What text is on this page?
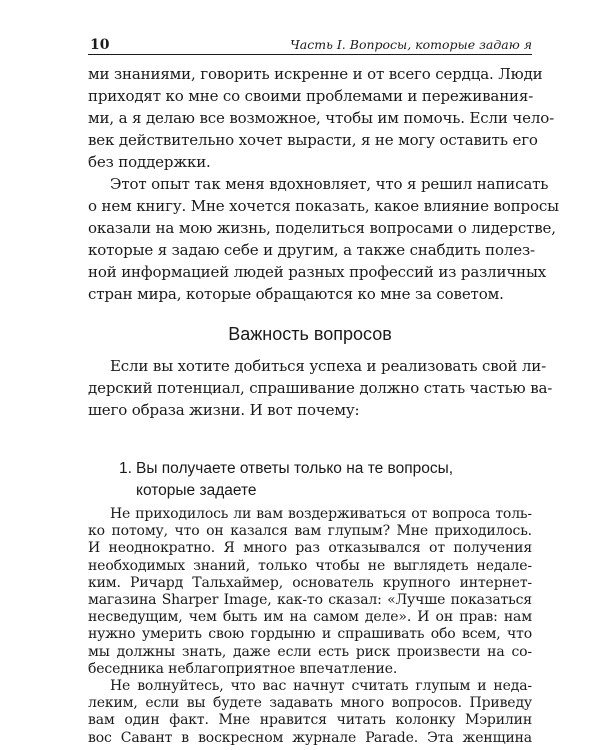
10	Часть I. Вопросы, которые задаю я
ми знаниями, говорить искренне и от всего сердца. Люди
приходят ко мне со своими проблемами и переживания-
ми, а я делаю все возможное, чтобы им помочь. Если чело-
век действительно хочет вырасти, я не могу оставить его
без поддержки.
Этот опыт так меня вдохновляет, что я решил написать
о нем книгу. Мне хочется показать, какое влияние вопросы
оказали на мою жизнь, поделиться вопросами о лидерстве,
которые я задаю себе и другим, а также снабдить полез-
ной информацией людей разных профессий из различных
стран мира, которые обращаются ко мне за советом.
Важность вопросов
Если вы хотите добиться успеха и реализовать свой ли-
дерский потенциал, спрашивание должно стать частью ва-
шего образа жизни. И вот почему:
1. Вы получаете ответы только на те вопросы,
которые задаете
Не приходилось ли вам воздерживаться от вопроса толь-
ко потому, что он казался вам глупым? Мне приходилось.
И неоднократно. Я много раз отказывался от получения
необходимых знаний, только чтобы не выглядеть недале-
ким. Ричард Тальхаймер, основатель крупного интернет-
магазина Sharper Image, как-то сказал: «Лучше показаться
несведущим, чем быть им на самом деле». И он прав: нам
нужно умерить свою гордыню и спрашивать обо всем, что
мы должны знать, даже если есть риск произвести на со-
беседника неблагоприятное впечатление.
Не волнуйтесь, что вас начнут считать глупым и неда-
леким, если вы будете задавать много вопросов. Приведу
вам один факт. Мне нравится читать колонку Мэрилин
вос Савант в воскресном журнале Parade. Эта женщина
